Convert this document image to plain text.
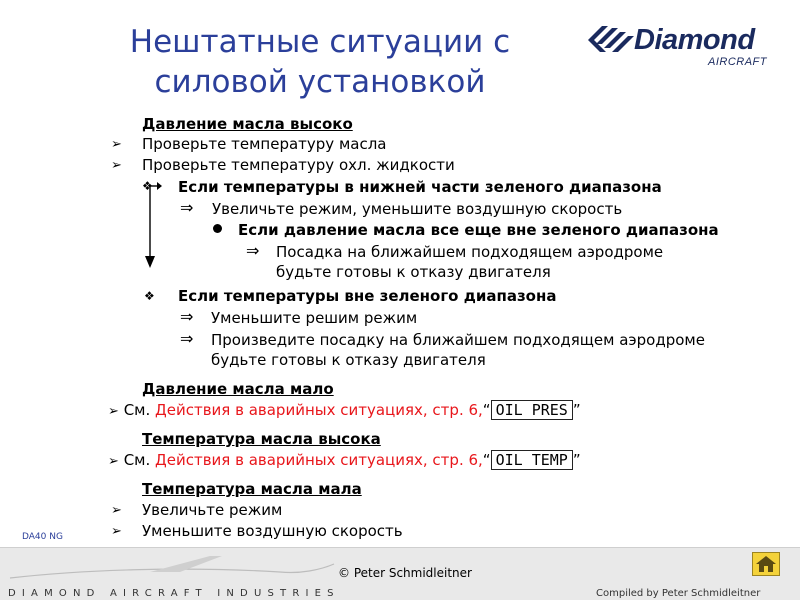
Нештатные ситуации с
силовой установкой
Diamond
AIRCRAFT
Давление масла высоко
➢ Проверьте температуру масла
➢ Проверьте температуру охл. жидкости
❖ Если температуры в нижней части зеленого диапазона
⇒ Увеличьте режим, уменьшите воздушную скорость
Если давление масла все еще вне зеленого диапазона
⇒ Посадка на ближайшем подходящем аэродроме
будьте готовы к отказу двигателя
❖ Если температуры вне зеленого диапазона
⇒ Уменьшите решим режим
⇒ Произведите посадку на ближайшем подходящем аэродроме
будьте готовы к отказу двигателя
Давление масла мало
➢ См. Действия в аварийных ситуациях, стр. 6,“ OIL PRES ”
Температура масла высока
➢ См. Действия в аварийных ситуациях, стр. 6,“ OIL TEMP ”
Температура масла мала
➢ Увеличьте режим
➢ Уменьшите воздушную скорость
DA40 NG
DIAMOND AIRCRAFT INDUSTRIES
© Peter Schmidleitner
Compiled by Peter Schmidleitner
